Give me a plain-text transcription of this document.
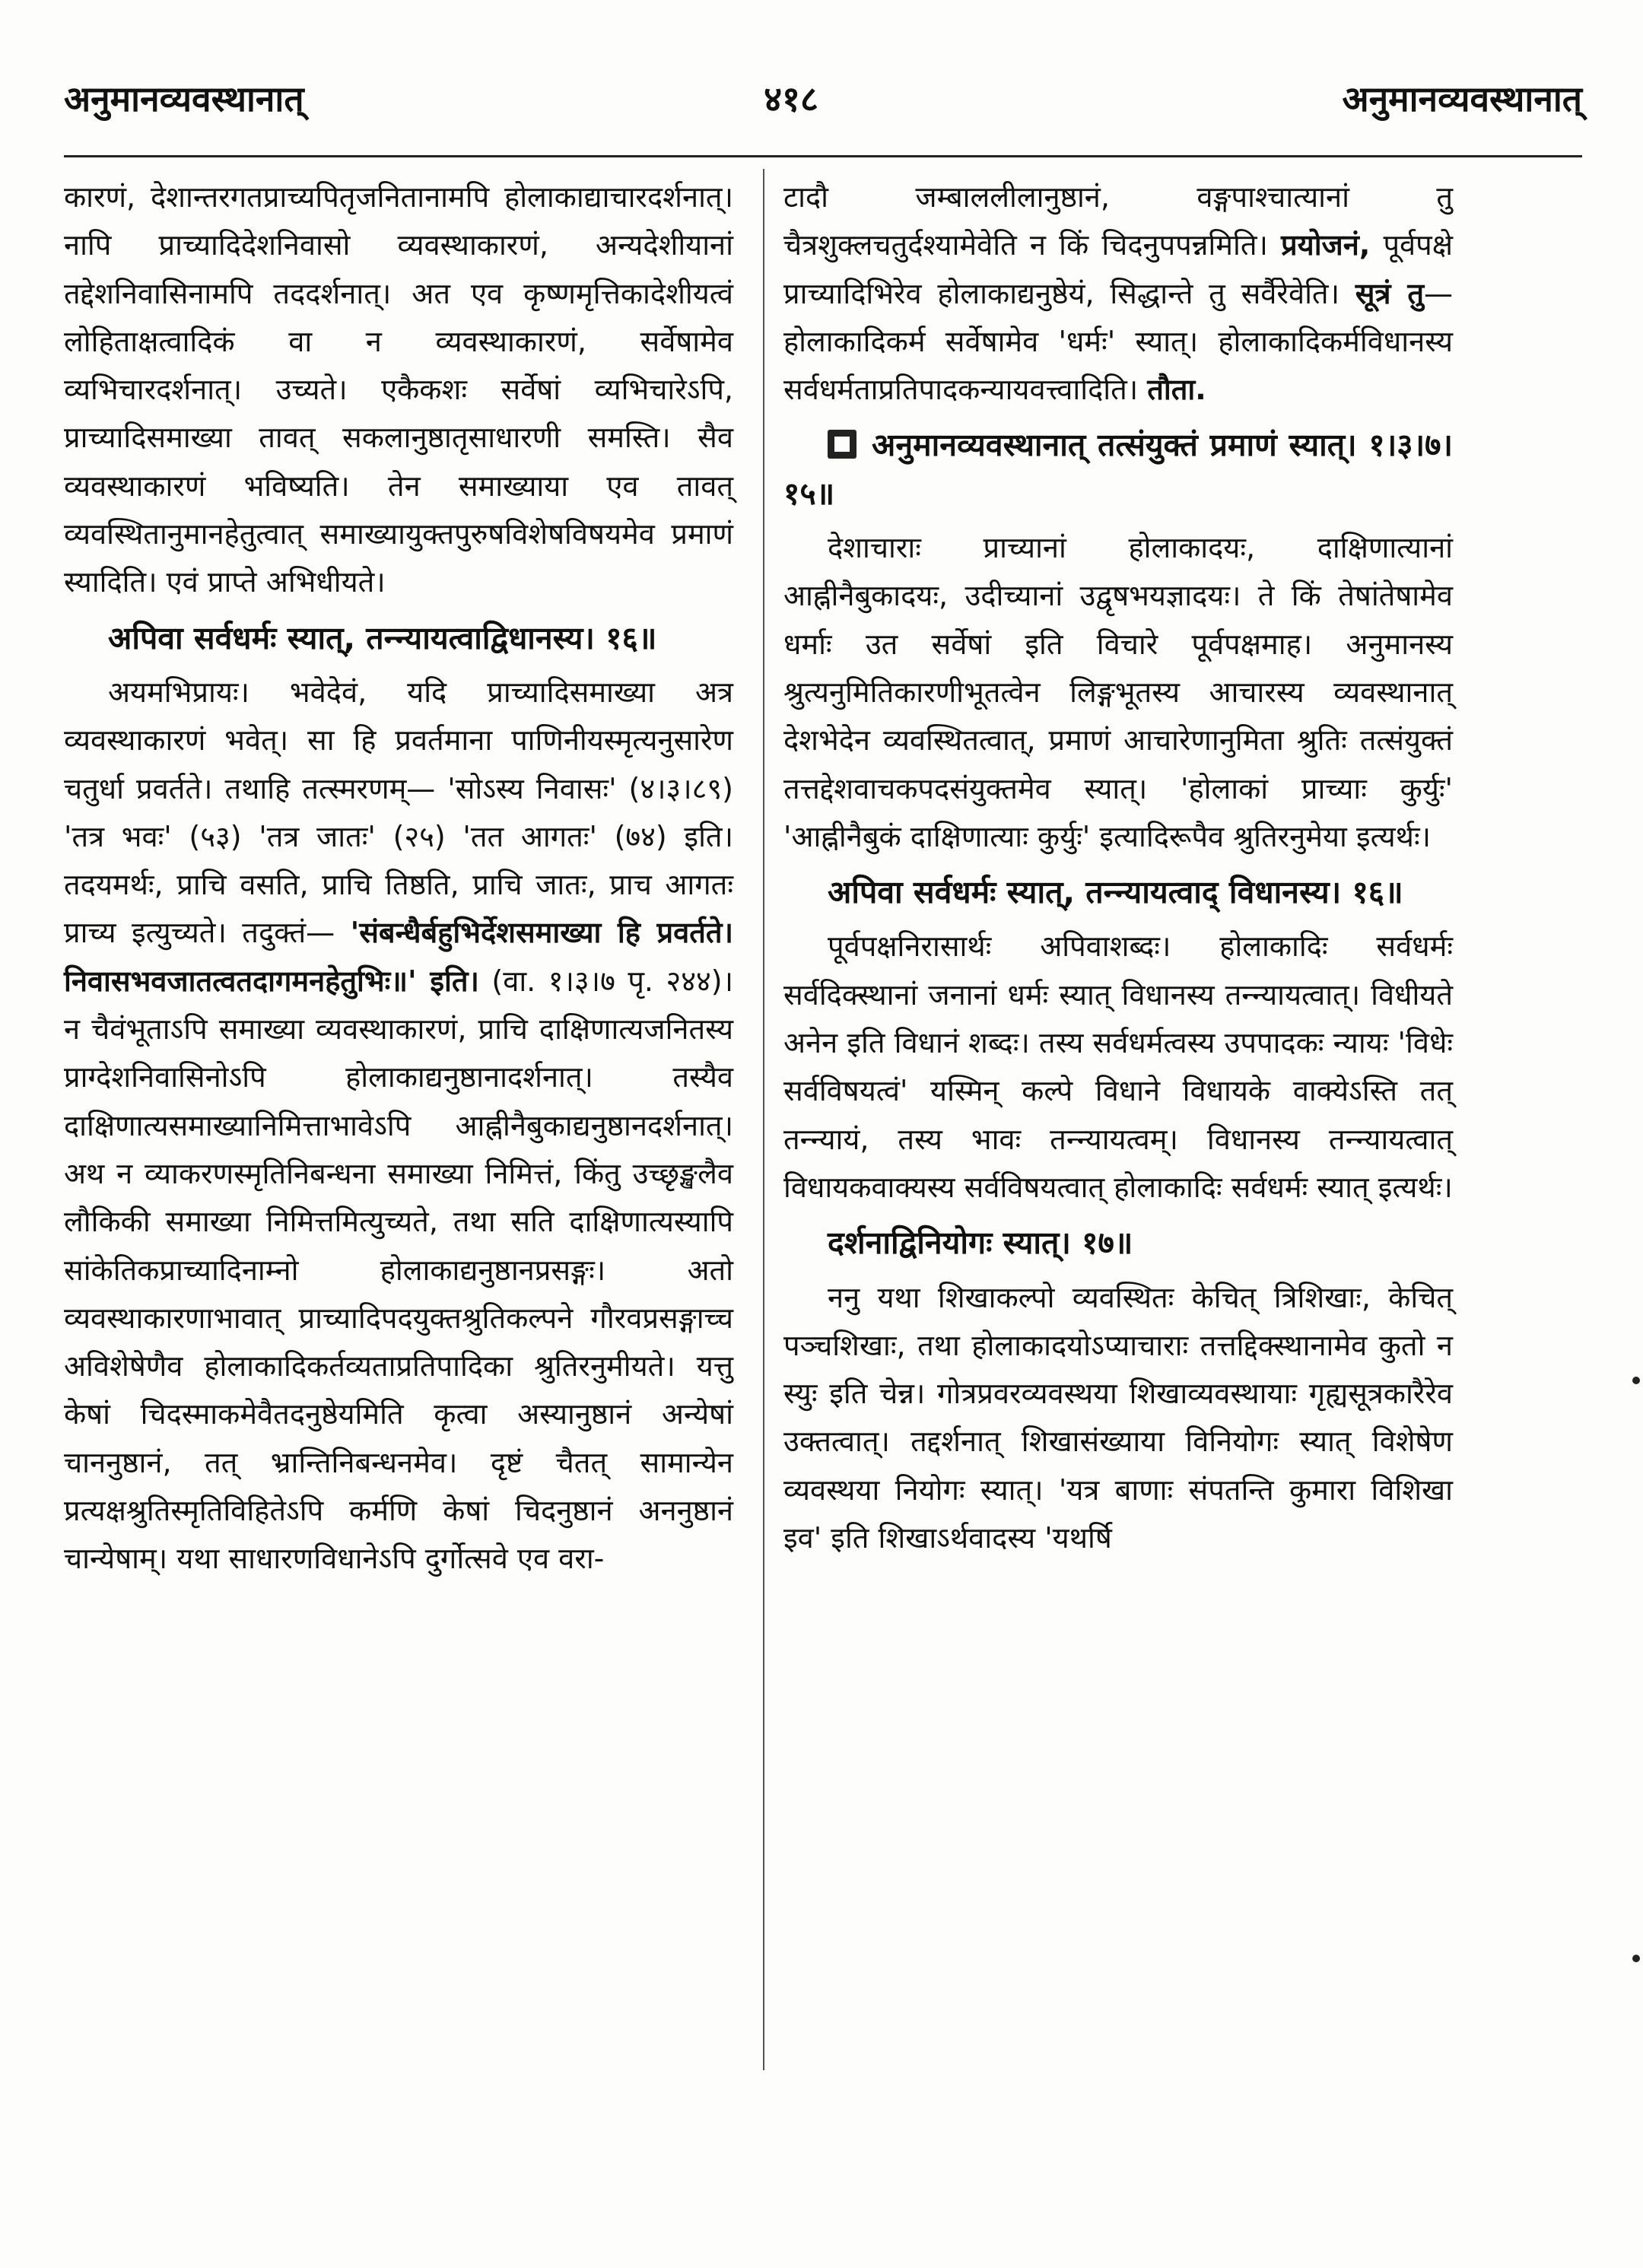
अनुमानव्यवस्थानात्	४१८	अनुमानव्यवस्थानात्

कारणं, देशान्तरगतप्राच्यपितृजनितानामपि होलाकाद्याचारदर्शनात्। नापि प्राच्यादिदेशनिवासो व्यवस्थाकारणं, अन्यदेशीयानां तद्देशनिवासिनामपि तददर्शनात्। अत एव कृष्णमृत्तिकादेशीयत्वं लोहिताक्षत्वादिकं वा न व्यवस्थाकारणं, सर्वेषामेव व्यभिचारदर्शनात्। उच्यते। एकैकशः सर्वेषां व्यभिचारेऽपि, प्राच्यादिसमाख्या तावत् सकलानुष्ठातृसाधारणी समस्ति। सैव व्यवस्थाकारणं भविष्यति। तेन समाख्याया एव तावत् व्यवस्थितानुमानहेतुत्वात् समाख्यायुक्तपुरुषविशेषविषयमेव प्रमाणं स्यादिति। एवं प्राप्ते अभिधीयते।

अपिवा सर्वधर्मः स्यात्, तन्न्यायत्वाद्विधानस्य। १६॥

अयमभिप्रायः। भवेदेवं, यदि प्राच्यादिसमाख्या अत्र व्यवस्थाकारणं भवेत्। सा हि प्रवर्तमाना पाणिनीयस्मृत्यनुसारेण चतुर्धा प्रवर्तते। तथाहि तत्स्मरणम्— 'सोऽस्य निवासः' (४।३।८९) 'तत्र भवः' (५३) 'तत्र जातः' (२५) 'तत आगतः' (७४) इति। तदयमर्थः, प्राचि वसति, प्राचि तिष्ठति, प्राचि जातः, प्राच आगतः प्राच्य इत्युच्यते। तदुक्तं— 'संबन्धैर्बहुभिर्देशसमाख्या हि प्रवर्तते। निवासभवजातत्वतदागमनहेतुभिः॥' इति। (वा. १।३।७ पृ. २४४)। न चैवंभूताऽपि समाख्या व्यवस्थाकारणं, प्राचि दाक्षिणात्यजनितस्य प्राग्देशनिवासिनोऽपि होलाकाद्यनुष्ठानादर्शनात्। तस्यैव दाक्षिणात्यसमाख्यानिमित्ताभावेऽपि आह्नीनैबुकाद्यनुष्ठानदर्शनात्। अथ न व्याकरणस्मृतिनिबन्धना समाख्या निमित्तं, किंतु उच्छृङ्खलैव लौकिकी समाख्या निमित्तमित्युच्यते, तथा सति दाक्षिणात्यस्यापि सांकेतिकप्राच्यादिनाम्नो होलाकाद्यनुष्ठानप्रसङ्गः। अतो व्यवस्थाकारणाभावात् प्राच्यादिपदयुक्तश्रुतिकल्पने गौरवप्रसङ्गाच्च अविशेषेणैव होलाकादिकर्तव्यताप्रतिपादिका श्रुतिरनुमीयते। यत्तु केषां चिदस्माकमेवैतदनुष्ठेयमिति कृत्वा अस्यानुष्ठानं अन्येषां चाननुष्ठानं, तत् भ्रान्तिनिबन्धनमेव। दृष्टं चैतत् सामान्येन प्रत्यक्षश्रुतिस्मृतिविहितेऽपि कर्मणि केषां चिदनुष्ठानं अननुष्ठानं चान्येषाम्। यथा साधारणविधानेऽपि दुर्गोत्सवे एव वरा-

टादौ जम्बाललीलानुष्ठानं, वङ्गपाश्चात्यानां तु चैत्रशुक्लचतुर्दश्यामेवेति न किं चिदनुपपन्नमिति। प्रयोजनं, पूर्वपक्षे प्राच्यादिभिरेव होलाकाद्यनुष्ठेयं, सिद्धान्ते तु सर्वैरेवेति। सूत्रं तु—होलाकादिकर्म सर्वेषामेव 'धर्मः' स्यात्। होलाकादिकर्मविधानस्य सर्वधर्मताप्रतिपादकन्यायवत्त्वादिति। तौता.

अनुमानव्यवस्थानात् तत्संयुक्तं प्रमाणं स्यात्। १।३।७।१५॥

देशाचाराः प्राच्यानां होलाकादयः, दाक्षिणात्यानां आह्नीनैबुकादयः, उदीच्यानां उद्वृषभयज्ञादयः। ते किं तेषांतेषामेव धर्माः उत सर्वेषां इति विचारे पूर्वपक्षमाह। अनुमानस्य श्रुत्यनुमितिकारणीभूतत्वेन लिङ्गभूतस्य आचारस्य व्यवस्थानात् देशभेदेन व्यवस्थितत्वात्, प्रमाणं आचारेणानुमिता श्रुतिः तत्संयुक्तं तत्तद्देशवाचकपदसंयुक्तमेव स्यात्। 'होलाकां प्राच्याः कुर्युः' 'आह्नीनैबुकं दाक्षिणात्याः कुर्युः' इत्यादिरूपैव श्रुतिरनुमेया इत्यर्थः।

अपिवा सर्वधर्मः स्यात्, तन्न्यायत्वाद् विधानस्य। १६॥

पूर्वपक्षनिरासार्थः अपिवाशब्दः। होलाकादिः सर्वधर्मः सर्वदिक्स्थानां जनानां धर्मः स्यात् विधानस्य तन्न्यायत्वात्। विधीयते अनेन इति विधानं शब्दः। तस्य सर्वधर्मत्वस्य उपपादकः न्यायः 'विधेः सर्वविषयत्वं' यस्मिन् कल्पे विधाने विधायके वाक्येऽस्ति तत् तन्न्यायं, तस्य भावः तन्न्यायत्वम्। विधानस्य तन्न्यायत्वात् विधायकवाक्यस्य सर्वविषयत्वात् होलाकादिः सर्वधर्मः स्यात् इत्यर्थः।

दर्शनाद्विनियोगः स्यात्। १७॥

ननु यथा शिखाकल्पो व्यवस्थितः केचित् त्रिशिखाः, केचित् पञ्चशिखाः, तथा होलाकादयोऽप्याचाराः तत्तद्दिक्स्थानामेव कुतो न स्युः इति चेन्न। गोत्रप्रवरव्यवस्थया शिखाव्यवस्थायाः गृह्यसूत्रकारैरेव उक्तत्वात्। तद्दर्शनात् शिखासंख्याया विनियोगः स्यात् विशेषेण व्यवस्थया नियोगः स्यात्। 'यत्र बाणाः संपतन्ति कुमारा विशिखा इव' इति शिखाऽर्थवादस्य 'यथर्षि
